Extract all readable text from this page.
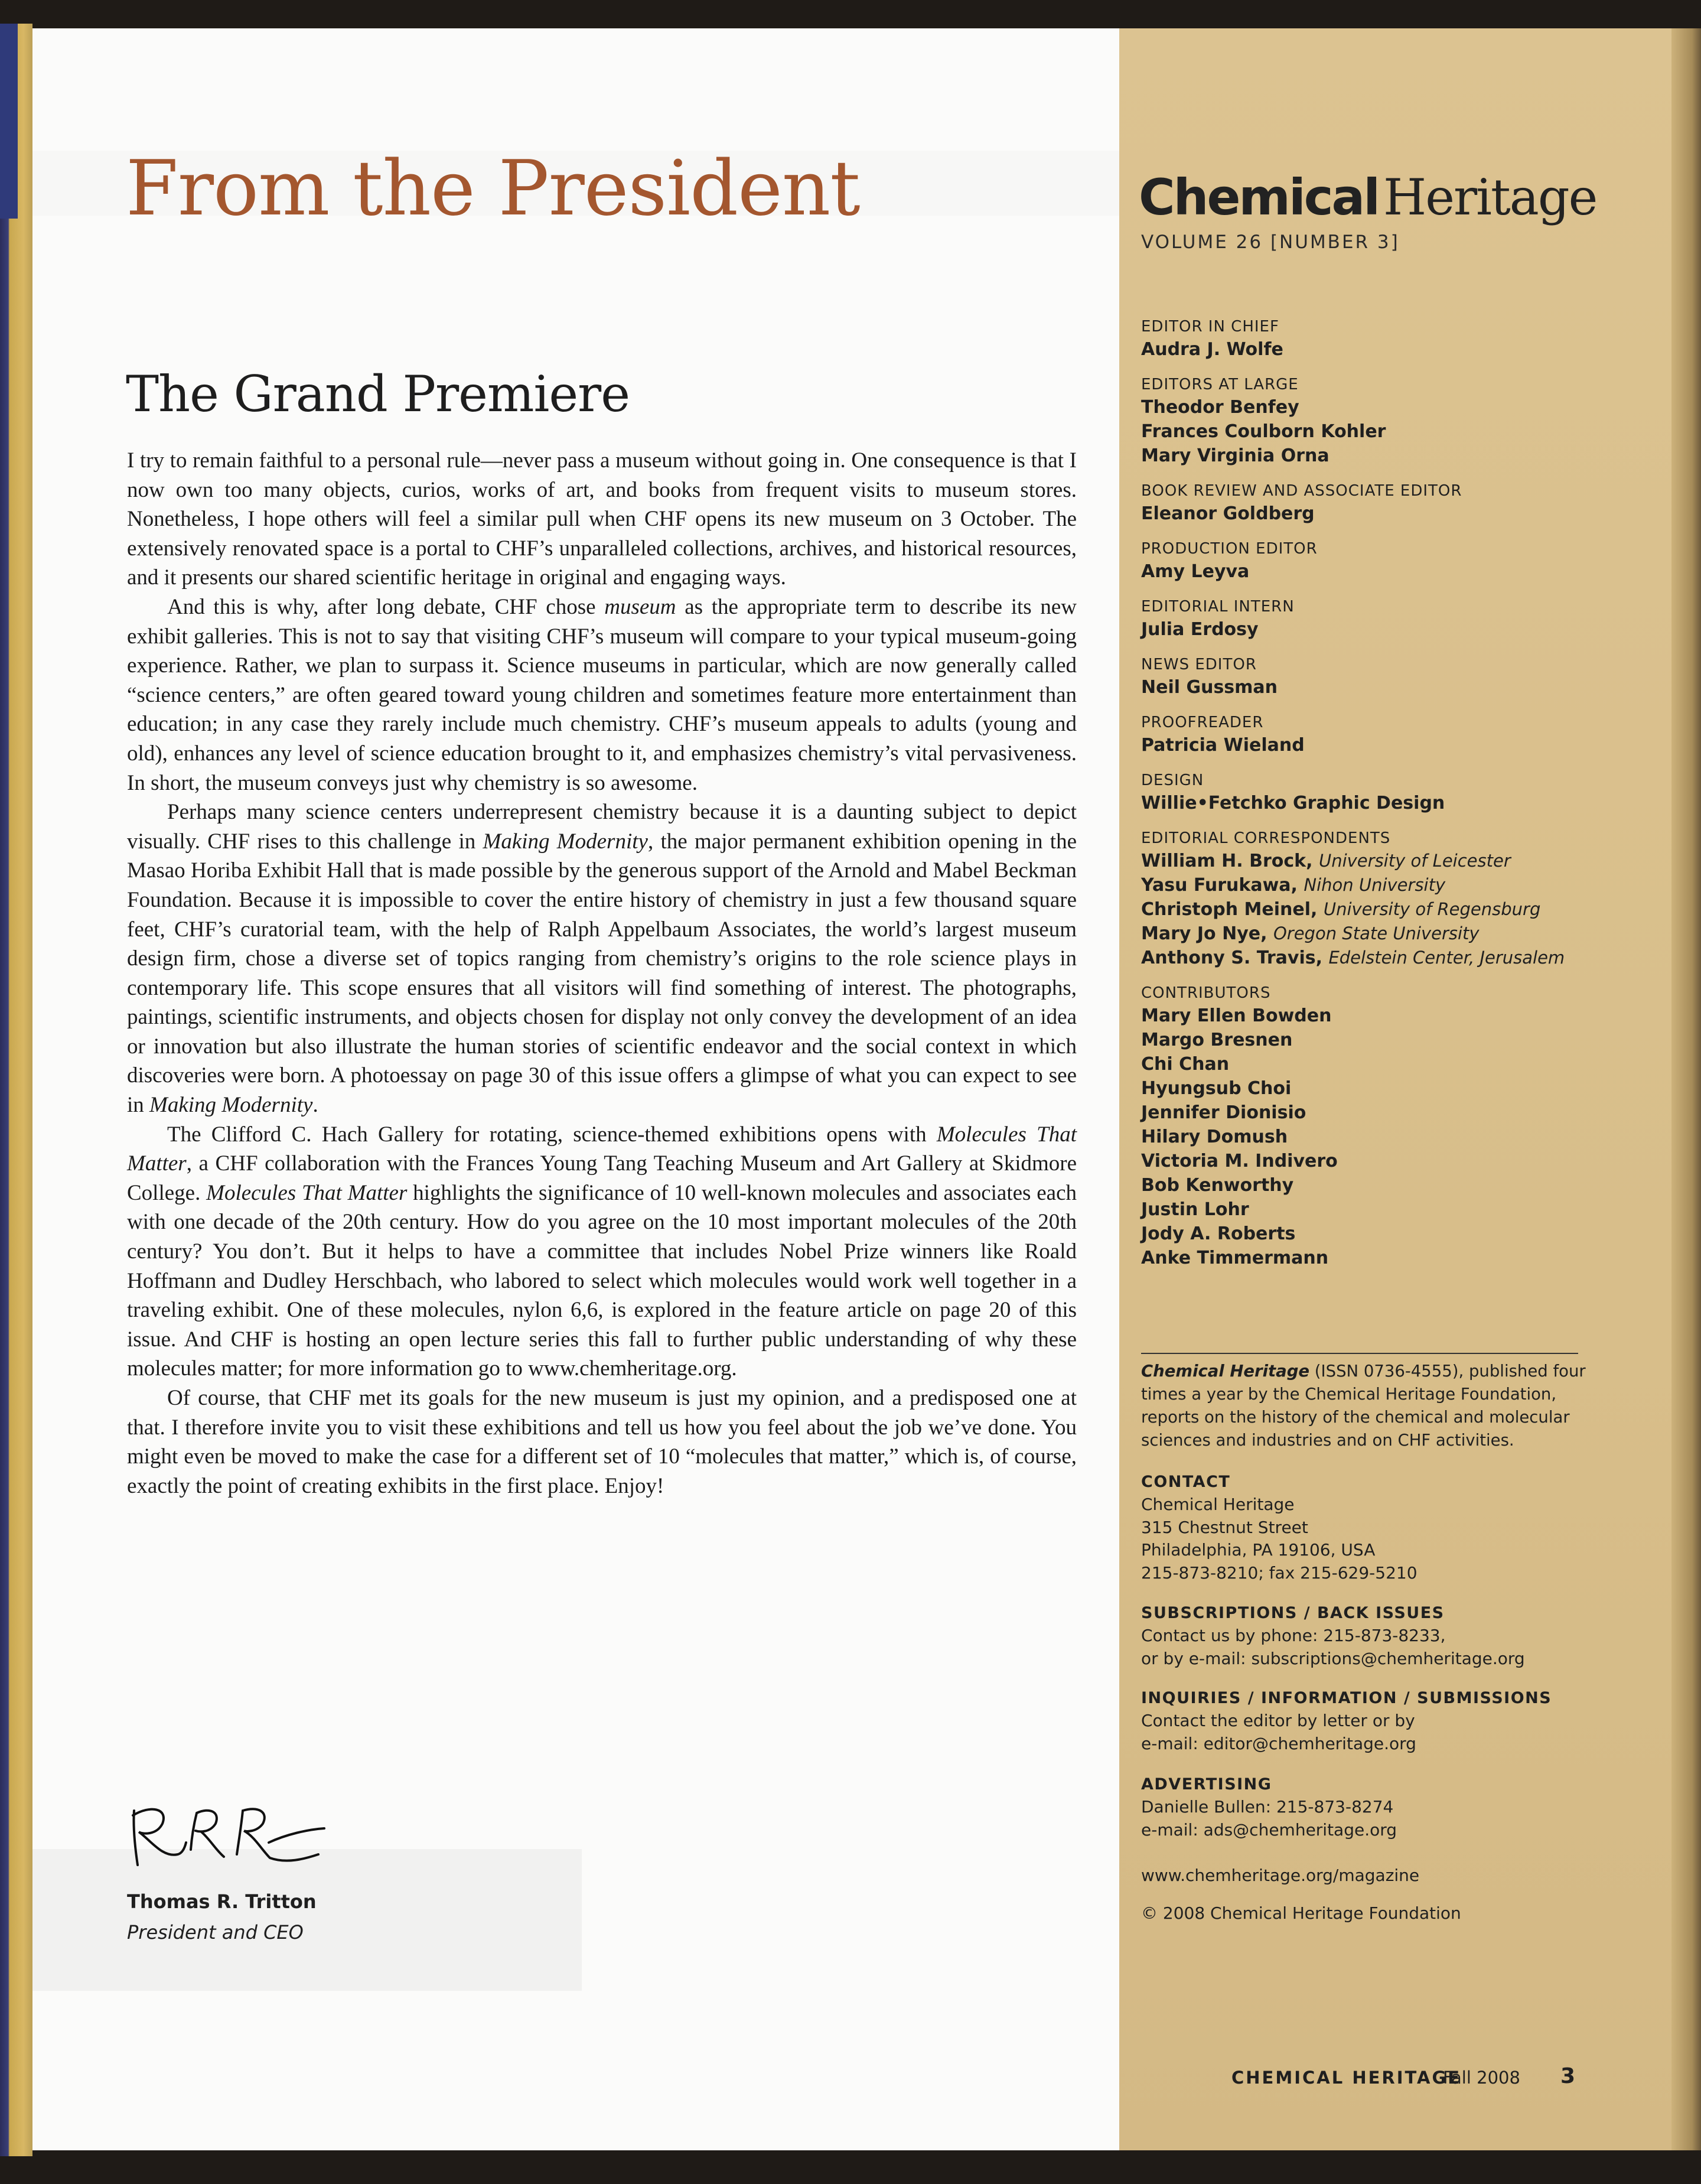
From the President
The Grand Premiere

I try to remain faithful to a personal rule—never pass a museum without going in. One consequence is that I now own too many objects, curios, works of art, and books from frequent visits to museum stores. Nonetheless, I hope others will feel a similar pull when CHF opens its new museum on 3 October. The extensively renovated space is a portal to CHF’s unparalleled collections, archives, and historical resources, and it presents our shared scientific heritage in original and engaging ways.

And this is why, after long debate, CHF chose museum as the appropriate term to describe its new exhibit galleries. This is not to say that visiting CHF’s museum will compare to your typical museum-going experience. Rather, we plan to surpass it. Science museums in particular, which are now generally called “science centers,” are often geared toward young children and sometimes feature more entertainment than education; in any case they rarely include much chemistry. CHF’s museum appeals to adults (young and old), enhances any level of science education brought to it, and emphasizes chemistry’s vital pervasiveness. In short, the museum conveys just why chemistry is so awesome.

Perhaps many science centers underrepresent chemistry because it is a daunting subject to depict visually. CHF rises to this challenge in Making Modernity, the major permanent exhibition opening in the Masao Horiba Exhibit Hall that is made possible by the generous support of the Arnold and Mabel Beckman Foundation. Because it is impossible to cover the entire history of chemistry in just a few thousand square feet, CHF’s curatorial team, with the help of Ralph Appelbaum Associates, the world’s largest museum design firm, chose a diverse set of topics ranging from chemistry’s origins to the role science plays in contemporary life. This scope ensures that all visitors will find something of interest. The photographs, paintings, scientific instruments, and objects chosen for display not only convey the development of an idea or innovation but also illustrate the human stories of scientific endeavor and the social context in which discoveries were born. A photoessay on page 30 of this issue offers a glimpse of what you can expect to see in Making Modernity.

The Clifford C. Hach Gallery for rotating, science-themed exhibitions opens with Molecules That Matter, a CHF collaboration with the Frances Young Tang Teaching Museum and Art Gallery at Skidmore College. Molecules That Matter highlights the significance of 10 well-known molecules and associates each with one decade of the 20th century. How do you agree on the 10 most important molecules of the 20th century? You don’t. But it helps to have a committee that includes Nobel Prize winners like Roald Hoffmann and Dudley Herschbach, who labored to select which molecules would work well together in a traveling exhibit. One of these molecules, nylon 6,6, is explored in the feature article on page 20 of this issue. And CHF is hosting an open lecture series this fall to further public understanding of why these molecules matter; for more information go to www.chemheritage.org.

Of course, that CHF met its goals for the new museum is just my opinion, and a predisposed one at that. I therefore invite you to visit these exhibitions and tell us how you feel about the job we’ve done. You might even be moved to make the case for a different set of 10 “molecules that matter,” which is, of course, exactly the point of creating exhibits in the first place. Enjoy!

Thomas R. Tritton
President and CEO
ChemicalHeritage
VOLUME 26 [NUMBER 3]
EDITOR IN CHIEF
Audra J. Wolfe
EDITORS AT LARGE
Theodor Benfey
Frances Coulborn Kohler
Mary Virginia Orna
BOOK REVIEW AND ASSOCIATE EDITOR
Eleanor Goldberg
PRODUCTION EDITOR
Amy Leyva
EDITORIAL INTERN
Julia Erdosy
NEWS EDITOR
Neil Gussman
PROOFREADER
Patricia Wieland
DESIGN
Willie•Fetchko Graphic Design
EDITORIAL CORRESPONDENTS
William H. Brock, University of Leicester
Yasu Furukawa, Nihon University
Christoph Meinel, University of Regensburg
Mary Jo Nye, Oregon State University
Anthony S. Travis, Edelstein Center, Jerusalem
CONTRIBUTORS
Mary Ellen Bowden
Margo Bresnen
Chi Chan
Hyungsub Choi
Jennifer Dionisio
Hilary Domush
Victoria M. Indivero
Bob Kenworthy
Justin Lohr
Jody A. Roberts
Anke Timmermann
Chemical Heritage (ISSN 0736-4555), published four times a year by the Chemical Heritage Foundation, reports on the history of the chemical and molecular sciences and industries and on CHF activities.
CONTACT
Chemical Heritage
315 Chestnut Street
Philadelphia, PA 19106, USA
215-873-8210; fax 215-629-5210
SUBSCRIPTIONS / BACK ISSUES
Contact us by phone: 215-873-8233,
or by e-mail: subscriptions@chemheritage.org
INQUIRIES / INFORMATION / SUBMISSIONS
Contact the editor by letter or by
e-mail: editor@chemheritage.org
ADVERTISING
Danielle Bullen: 215-873-8274
e-mail: ads@chemheritage.org
www.chemheritage.org/magazine
© 2008 Chemical Heritage Foundation
CHEMICAL HERITAGE
Fall 2008 3
